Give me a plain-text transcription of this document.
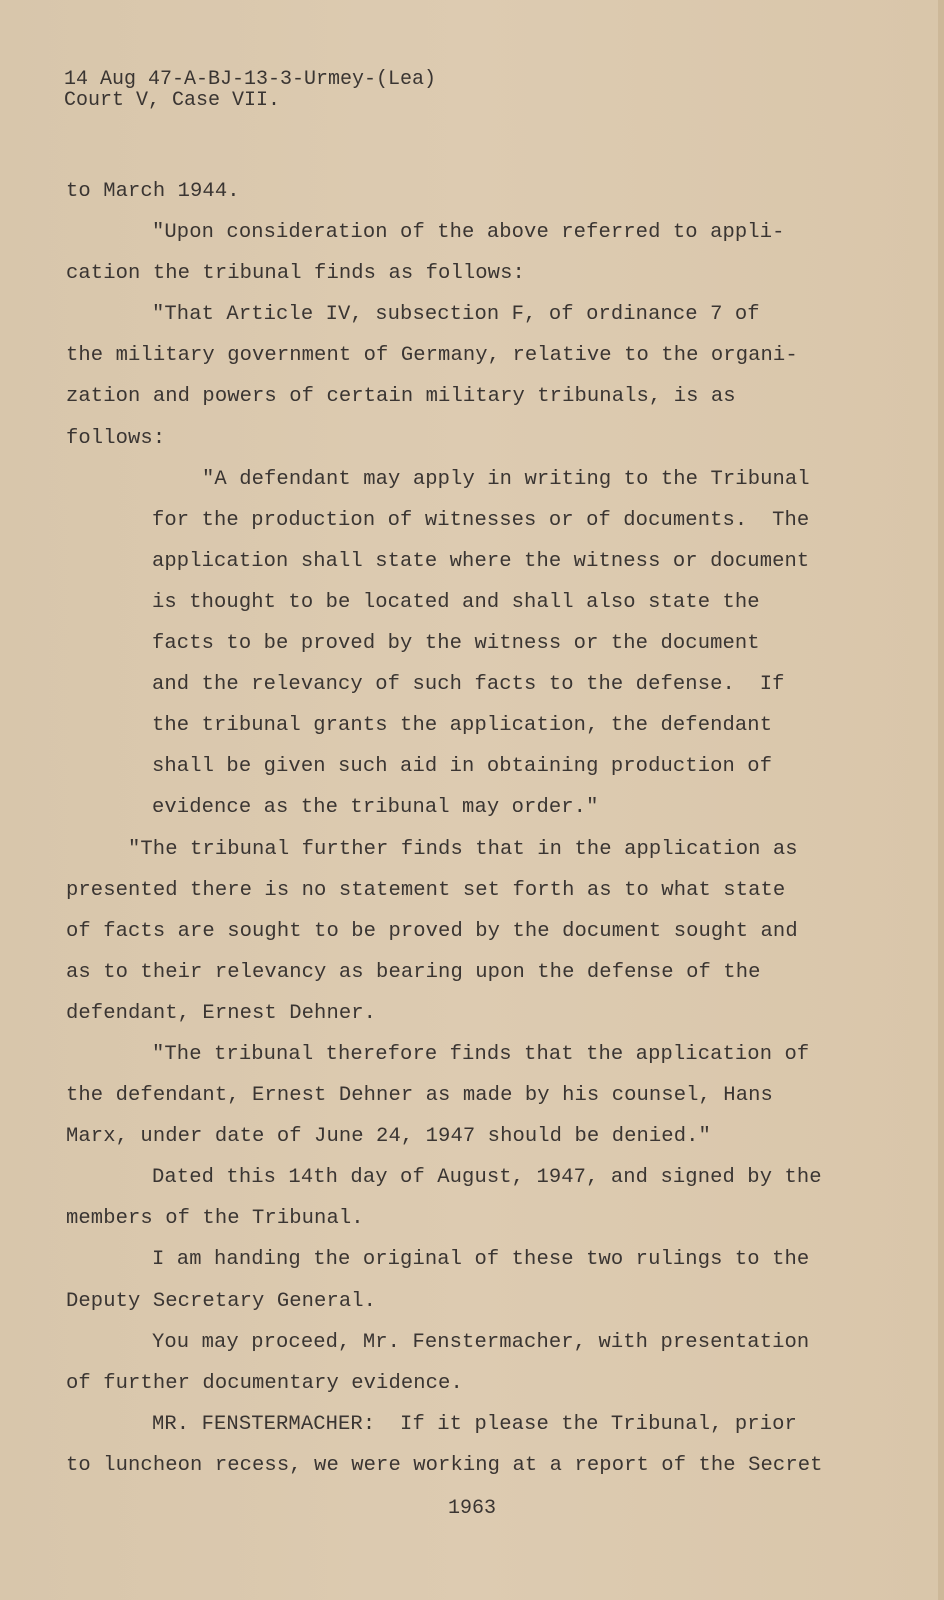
14 Aug 47-A-BJ-13-3-Urmey-(Lea)
Court V, Case VII.
to March 1944.
"Upon consideration of the above referred to appli-
cation the tribunal finds as follows:
"That Article IV, subsection F, of ordinance 7 of
the military government of Germany, relative to the organi-
zation and powers of certain military tribunals, is as
follows:
"A defendant may apply in writing to the Tribunal
for the production of witnesses or of documents.  The
application shall state where the witness or document
is thought to be located and shall also state the
facts to be proved by the witness or the document
and the relevancy of such facts to the defense.  If
the tribunal grants the application, the defendant
shall be given such aid in obtaining production of
evidence as the tribunal may order."
"The tribunal further finds that in the application as
presented there is no statement set forth as to what state
of facts are sought to be proved by the document sought and
as to their relevancy as bearing upon the defense of the
defendant, Ernest Dehner.
"The tribunal therefore finds that the application of
the defendant, Ernest Dehner as made by his counsel, Hans
Marx, under date of June 24, 1947 should be denied."
Dated this 14th day of August, 1947, and signed by the
members of the Tribunal.
I am handing the original of these two rulings to the
Deputy Secretary General.
You may proceed, Mr. Fenstermacher, with presentation
of further documentary evidence.
MR. FENSTERMACHER:  If it please the Tribunal, prior
to luncheon recess, we were working at a report of the Secret
1963
